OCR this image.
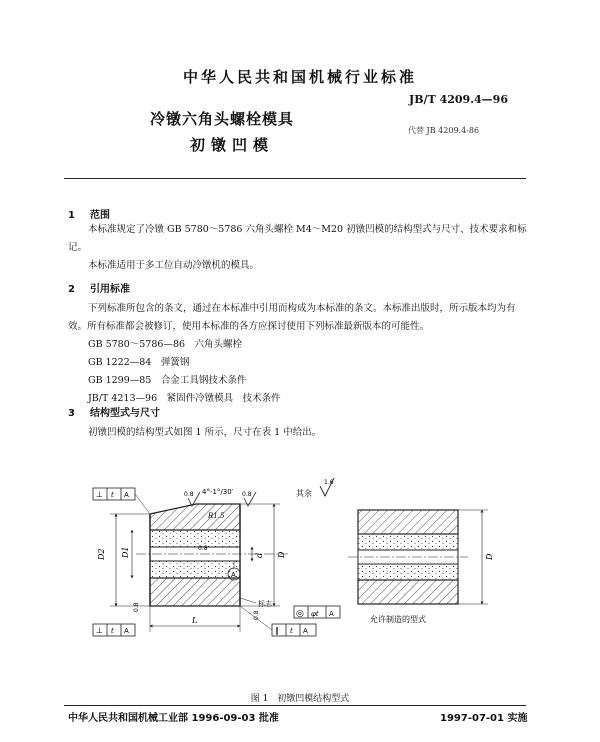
中华人民共和国机械行业标准
JB/T 4209.4—96
冷镦六角头螺栓模具
初镦凹模
代替 JB 4209.4-86
1 范围
本标准规定了冷镦 GB 5780～5786 六角头螺栓 M4～M20 初镦凹模的结构型式与尺寸、技术要求和标记。
本标准适用于多工位自动冷镦机的模具。
2 引用标准
下列标准所包含的条文，通过在本标准中引用而构成为本标准的条文。本标准出版时，所示版本均为有效。所有标准都会被修订，使用本标准的各方应探讨使用下列标准最新版本的可能性。
GB 5780～5786—86　六角头螺栓
GB 1222—84　弹簧钢
GB 1299—85　合金工具钢技术条件
JB/T 4213—96　紧固件冷镦模具　技术条件
3 结构型式与尺寸
初镦凹模的结构型式如图 1 所示，尺寸在表 1 中给出。
D2 D1	D
d
L
4°-1°/30′
R1.5
0.8	0.8
0.8
0.8
0.8
A
标志
⊥ t A
⊥ t A
◎ φt A
∥ t A
其余
1.6
D
允许制造的型式
图 1　初镦凹模结构型式
中华人民共和国机械工业部 1996-09-03 批准	1997-07-01 实施
